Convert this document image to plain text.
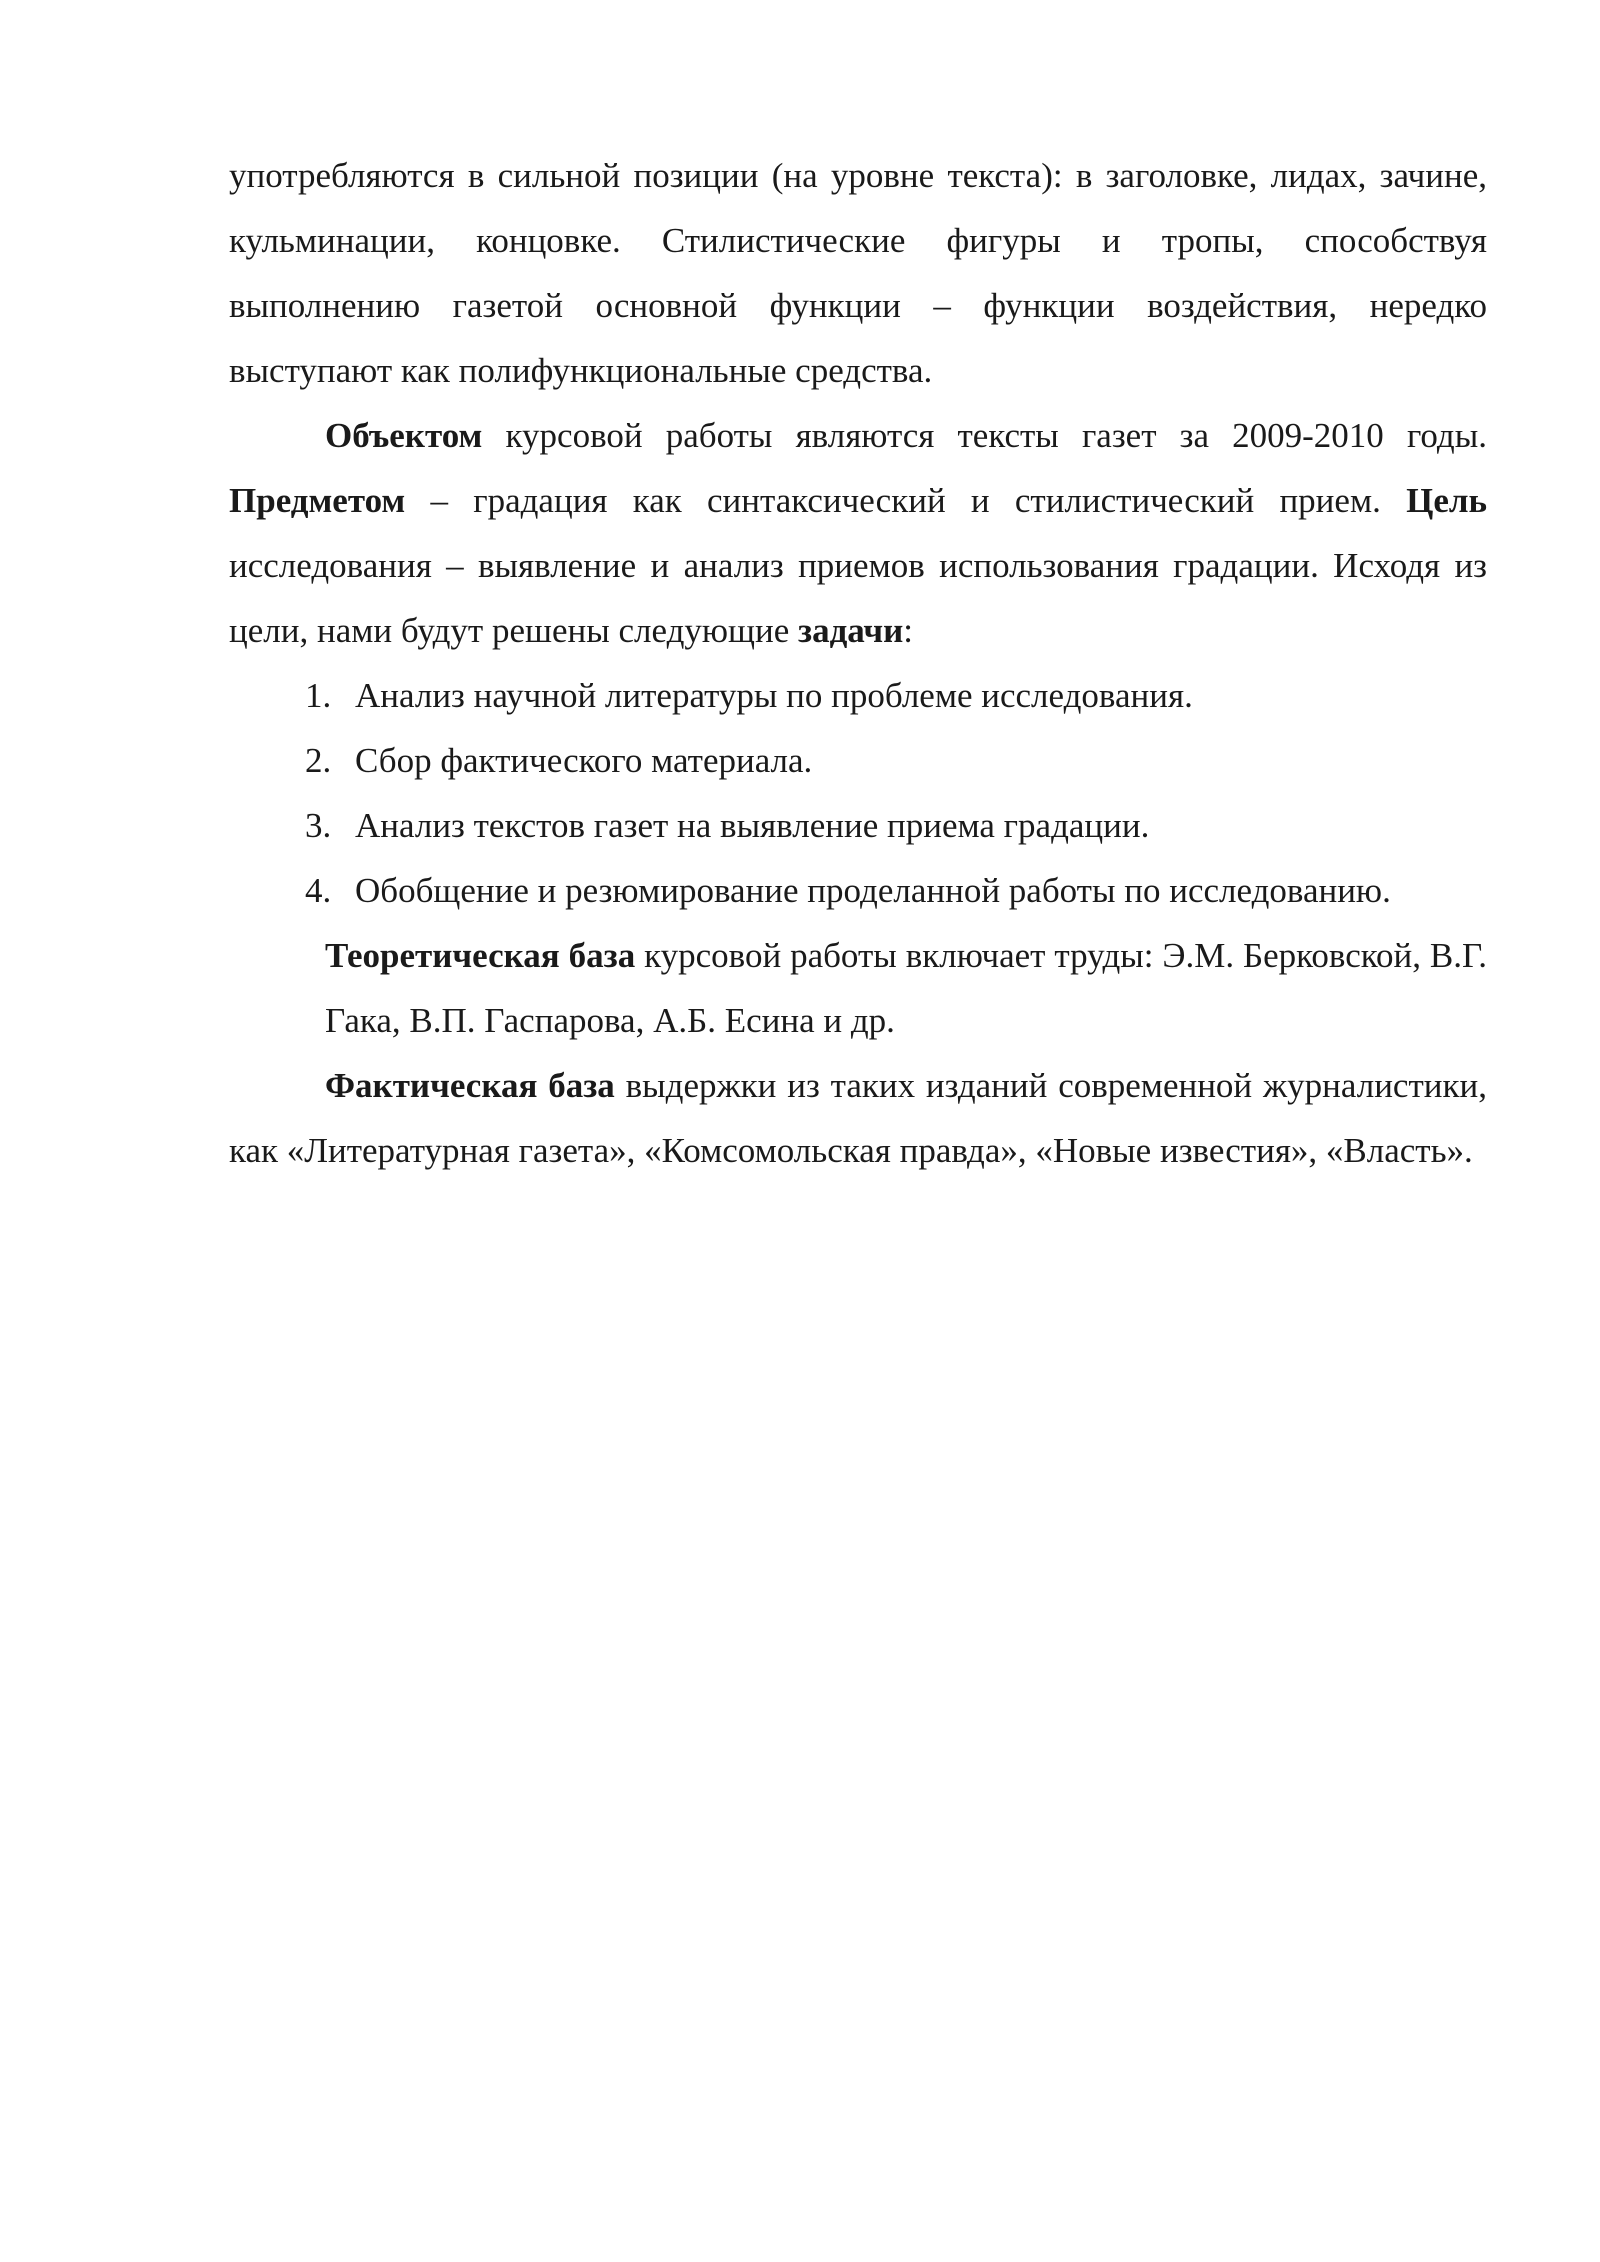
употребляются в сильной позиции (на уровне текста): в заголовке, лидах, зачине, кульминации, концовке. Стилистические фигуры и тропы, способствуя выполнению газетой основной функции – функции воздействия, нередко выступают как полифункциональные средства.

Объектом курсовой работы являются тексты газет за 2009-2010 годы. Предметом – градация как синтаксический и стилистический прием. Цель исследования – выявление и анализ приемов использования градации. Исходя из цели, нами будут решены следующие задачи:

1. Анализ научной литературы по проблеме исследования.
2. Сбор фактического материала.
3. Анализ текстов газет на выявление приема градации.
4. Обобщение и резюмирование проделанной работы по исследованию.

Теоретическая база курсовой работы включает труды: Э.М. Берковской, В.Г. Гака, В.П. Гаспарова, А.Б. Есина и др.

Фактическая база выдержки из таких изданий современной журналистики, как «Литературная газета», «Комсомольская правда», «Новые известия», «Власть».
